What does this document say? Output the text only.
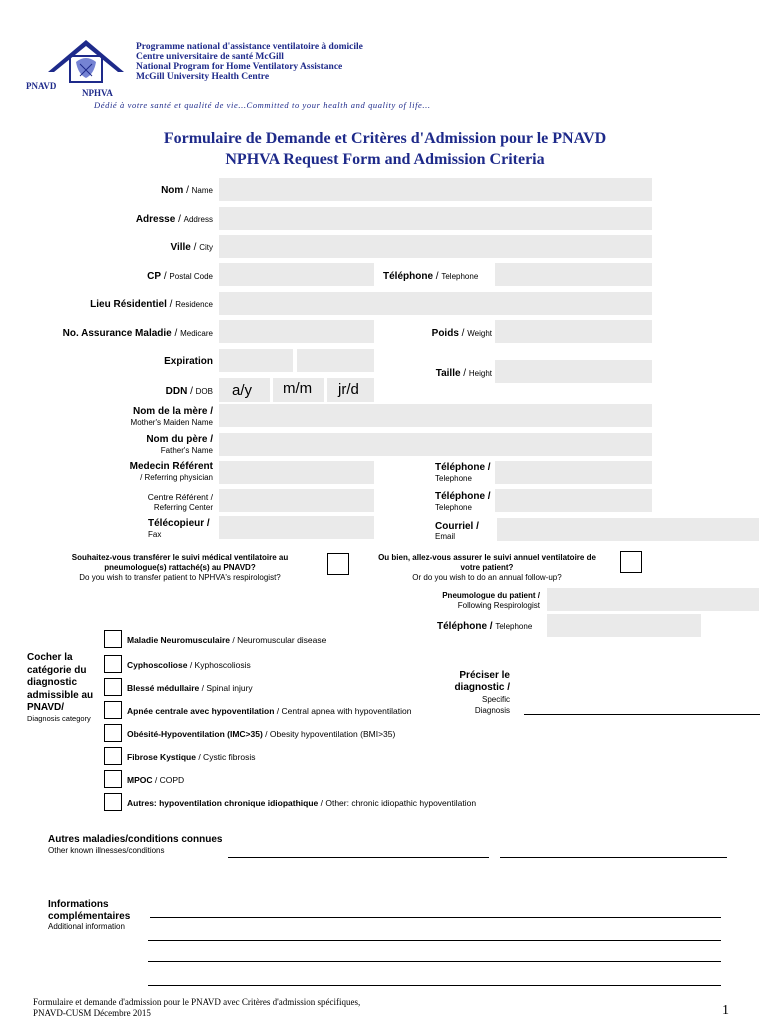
PNAVD
NPHVA
Programme national d'assistance ventilatoire à domicile
Centre universitaire de santé McGill
National Program for Home Ventilatory Assistance
McGill University Health Centre
Dédié à votre santé et qualité de vie...Committed to your health and quality of life...
Formulaire de Demande et Critères d'Admission pour le PNAVD
NPHVA Request Form and Admission Criteria
Nom / Name
Adresse / Address
Ville / City
CP / Postal Code	Téléphone / Telephone
Lieu Résidentiel / Residence
No. Assurance Maladie / Medicare	Poids / Weight
Expiration
Taille / Height
DDN / DOB a/y m/m jr/d
Nom de la mère /
Mother's Maiden Name
Nom du père /
Father's Name
Medecin Référent
/ Referring physician
Téléphone /
Telephone
Centre Référent /
Referring Center
Téléphone /
Telephone
Télécopieur /
Fax
Courriel /
Email
Souhaitez-vous transférer le suivi médical ventilatoire au
pneumologue(s) rattaché(s) au PNAVD?
Do you wish to transfer patient to NPHVA's respirologist?
Ou bien, allez-vous assurer le suivi annuel ventilatoire de
votre patient?
Or do you wish to do an annual follow-up?
Pneumologue du patient /
Following Respirologist
Téléphone / Telephone
Cocher la
catégorie du
diagnostic
admissible au
PNAVD/
Diagnosis category
Maladie Neuromusculaire / Neuromuscular disease
Cyphoscoliose / Kyphoscoliosis
Blessé médullaire / Spinal injury
Apnée centrale avec hypoventilation / Central apnea with hypoventilation
Obésité-Hypoventilation (IMC>35) / Obesity hypoventilation (BMI>35)
Fibrose Kystique / Cystic fibrosis
MPOC / COPD
Autres: hypoventilation chronique idiopathique / Other: chronic idiopathic hypoventilation
Préciser le
diagnostic /
Specific
Diagnosis
Autres maladies/conditions connues
Other known illnesses/conditions
Informations
complémentaires
Additional information
Formulaire et demande d'admission pour le PNAVD avec Critères d'admission spécifiques,
PNAVD-CUSM Décembre 2015	1
